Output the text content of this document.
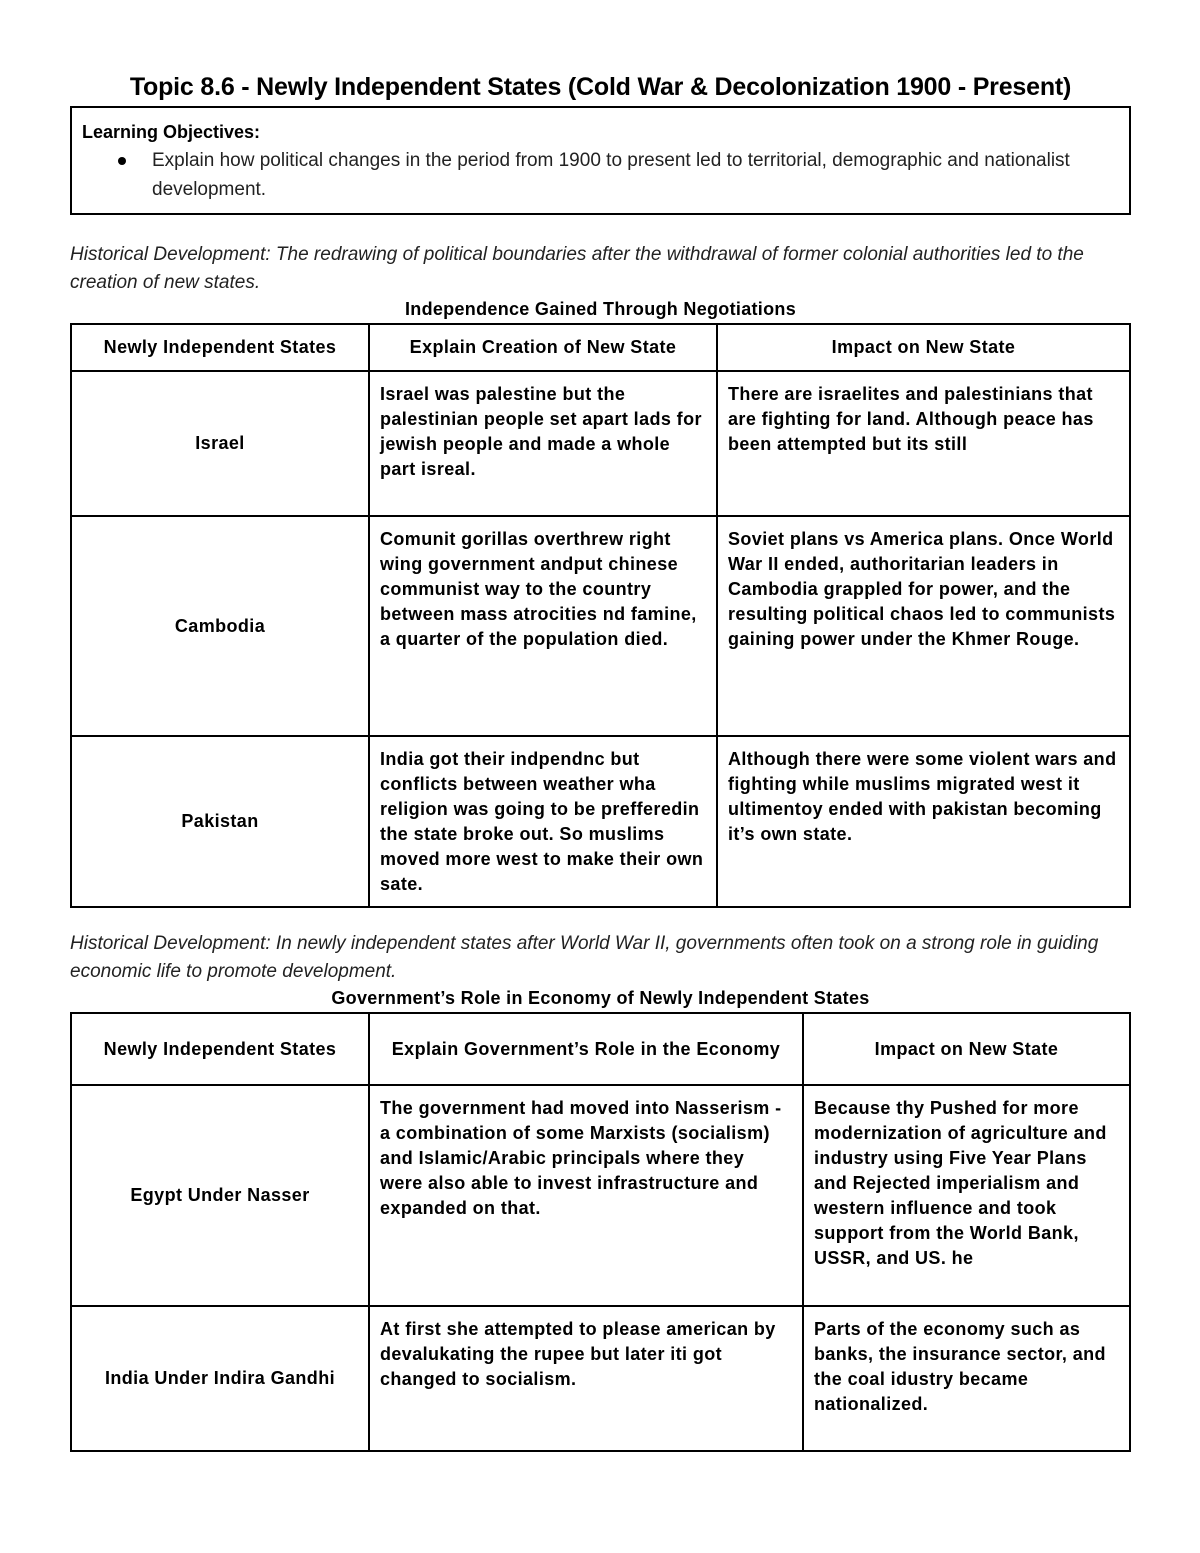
Topic 8.6 - Newly Independent States (Cold War & Decolonization 1900 - Present)
Learning Objectives:
Explain how political changes in the period from 1900 to present led to territorial, demographic and nationalist development.

Historical Development: The redrawing of political boundaries after the withdrawal of former colonial authorities led to the creation of new states.

Independence Gained Through Negotiations
Newly Independent States	Explain Creation of New State	Impact on New State
Israel	Israel was palestine but the palestinian people set apart lads for jewish people and made a whole part isreal.	There are israelites and palestinians that are fighting for land. Although peace has been attempted but its still
Cambodia	Comunit gorillas overthrew right wing government andput chinese communist way to the country between mass atrocities nd famine, a quarter of the population died.	Soviet plans vs America plans. Once World War II ended, authoritarian leaders in Cambodia grappled for power, and the resulting political chaos led to communists gaining power under the Khmer Rouge.
Pakistan	India got their indpendnc but conflicts between weather wha religion was going to be prefferedin the state broke out. So muslims moved more west to make their own sate.	Although there were some violent wars and fighting while muslims migrated west it ultimentoy ended with pakistan becoming it’s own state.

Historical Development: In newly independent states after World War II, governments often took on a strong role in guiding economic life to promote development.

Government’s Role in Economy of Newly Independent States
Newly Independent States	Explain Government’s Role in the Economy	Impact on New State
Egypt Under Nasser	The government had moved into Nasserism - a combination of some Marxists (socialism) and Islamic/Arabic principals where they were also able to invest infrastructure and expanded on that.	Because thy Pushed for more modernization of agriculture and industry using Five Year Plans and Rejected imperialism and western influence and took support from the World Bank, USSR, and US. he
India Under Indira Gandhi	At first she attempted to please american by devalukating the rupee but later iti got changed to socialism.	Parts of the economy such as banks, the insurance sector, and the coal idustry became nationalized.
